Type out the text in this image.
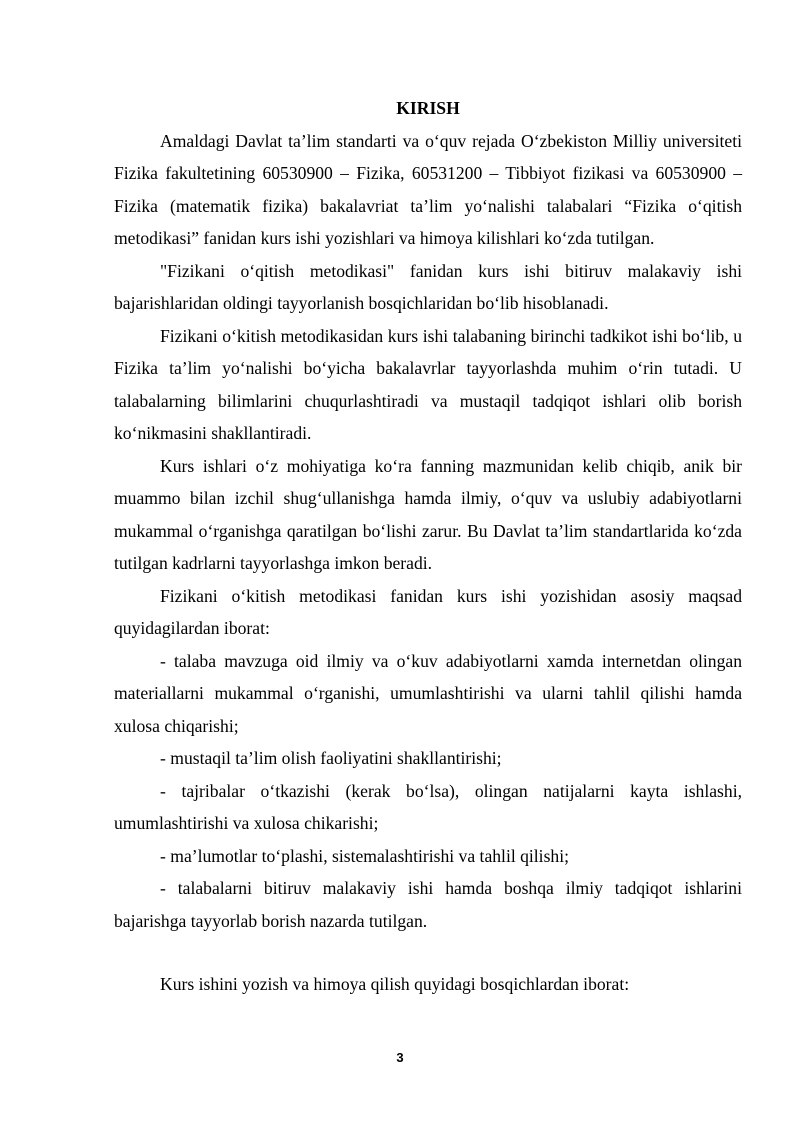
KIRISH

Amaldagi Davlat ta’lim standarti va o‘quv rejada O‘zbekiston Milliy universiteti Fizika fakultetining 60530900 – Fizika, 60531200 – Tibbiyot fizikasi va 60530900 – Fizika (matematik fizika) bakalavriat ta’lim yo‘nalishi talabalari “Fizika o‘qitish metodikasi” fanidan kurs ishi yozishlari va himoya kilishlari ko‘zda tutilgan.

"Fizikani o‘qitish metodikasi" fanidan kurs ishi bitiruv malakaviy ishi bajarishlaridan oldingi tayyorlanish bosqichlaridan bo‘lib hisoblanadi.

Fizikani o‘kitish metodikasidan kurs ishi talabaning birinchi tadkikot ishi bo‘lib, u Fizika ta’lim yo‘nalishi bo‘yicha bakalavrlar tayyorlashda muhim o‘rin tutadi. U talabalarning bilimlarini chuqurlashtiradi va mustaqil tadqiqot ishlari olib borish ko‘nikmasini shakllantiradi.

Kurs ishlari o‘z mohiyatiga ko‘ra fanning mazmunidan kelib chiqib, anik bir muammo bilan izchil shug‘ullanishga hamda ilmiy, o‘quv va uslubiy adabiyotlarni mukammal o‘rganishga qaratilgan bo‘lishi zarur. Bu Davlat ta’lim standartlarida ko‘zda tutilgan kadrlarni tayyorlashga imkon beradi.

Fizikani o‘kitish metodikasi fanidan kurs ishi yozishidan asosiy maqsad quyidagilardan iborat:

- talaba mavzuga oid ilmiy va o‘kuv adabiyotlarni xamda internetdan olingan materiallarni mukammal o‘rganishi, umumlashtirishi va ularni tahlil qilishi hamda xulosa chiqarishi;

- mustaqil ta’lim olish faoliyatini shakllantirishi;

- tajribalar o‘tkazishi (kerak bo‘lsa), olingan natijalarni kayta ishlashi, umumlashtirishi va xulosa chikarishi;

- ma’lumotlar to‘plashi, sistemalashtirishi va tahlil qilishi;

- talabalarni bitiruv malakaviy ishi hamda boshqa ilmiy tadqiqot ishlarini bajarishga tayyorlab borish nazarda tutilgan.

Kurs ishini yozish va himoya qilish quyidagi bosqichlardan iborat:

3
